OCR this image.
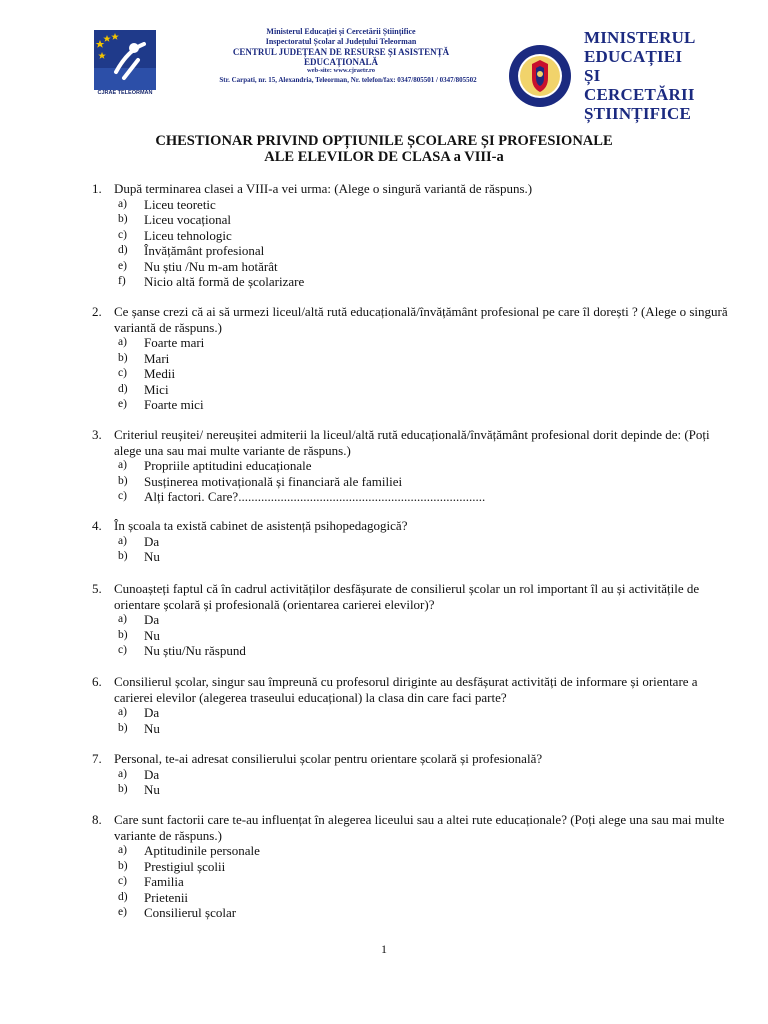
CJRAE TELEORMAN
Ministerul Educației și Cercetării Științifice
Inspectoratul Școlar al Județului Teleorman
CENTRUL JUDEȚEAN DE RESURSE ȘI ASISTENȚĂ
EDUCAȚIONALĂ
web-site: www.cjraetr.ro
Str. Carpati, nr. 15, Alexandria, Teleorman, Nr. telefon/fax: 0347/805501 / 0347/805502
MINISTERUL
EDUCAȚIEI ȘI
CERCETĂRII
ȘTIINȚIFICE
CHESTIONAR PRIVIND OPȚIUNILE ȘCOLARE ȘI PROFESIONALE
ALE ELEVILOR DE CLASA a VIII-a
1. După terminarea clasei a VIII-a vei urma: (Alege o singură variantă de răspuns.)
a)	Liceu teoretic
b)	Liceu vocațional
c)	Liceu tehnologic
d)	Învățământ profesional
e)	Nu știu /Nu m-am hotărât
f)	Nicio altă formă de școlarizare
2. Ce șanse crezi că ai să urmezi liceul/altă rută educațională/învățământ profesional pe care îl dorești ? (Alege o singură variantă de răspuns.)
a)	Foarte mari
b)	Mari
c)	Medii
d)	Mici
e)	Foarte mici
3. Criteriul reușitei/ nereușitei admiterii la liceul/altă rută educațională/învățământ profesional dorit depinde de: (Poți alege una sau mai multe variante de răspuns.)
a)	Propriile aptitudini educaționale
b)	Susținerea motivațională și financiară ale familiei
c)	Alți factori. Care?............................................................................
4. În școala ta există cabinet de asistență psihopedagogică?
a)	Da
b)	Nu
5. Cunoașteți faptul că în cadrul activităților desfășurate de consilierul școlar un rol important îl au și activitățile de orientare școlară și profesională (orientarea carierei elevilor)?
a)	Da
b)	Nu
c)	Nu știu/Nu răspund
6. Consilierul școlar, singur sau împreună cu profesorul diriginte au desfășurat activități de informare și orientare a carierei elevilor (alegerea traseului educațional) la clasa din care faci parte?
a)	Da
b)	Nu
7. Personal, te-ai adresat consilierului școlar pentru orientare școlară și profesională?
a)	Da
b)	Nu
8. Care sunt factorii care te-au influențat în alegerea liceului sau a altei rute educaționale? (Poți alege una sau mai multe variante de răspuns.)
a)	Aptitudinile personale
b)	Prestigiul școlii
c)	Familia
d)	Prietenii
e)	Consilierul școlar
1
